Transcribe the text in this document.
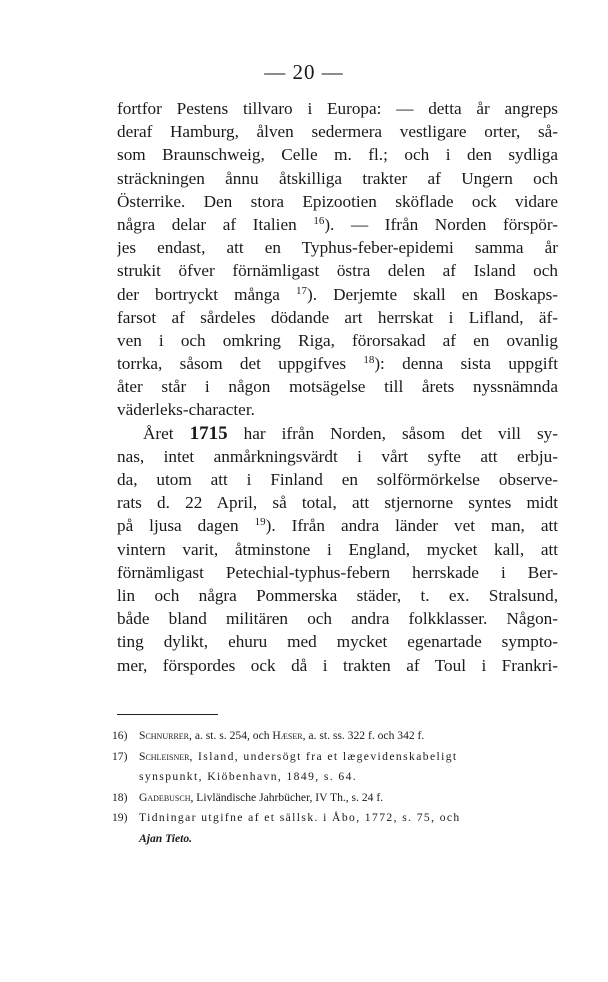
— 20 —
fortfor Pestens tillvaro i Europa: — detta år angreps
deraf Hamburg, ålven sedermera vestligare orter, så-
som Braunschweig, Celle m. fl.; och i den sydliga
sträckningen ånnu åtskilliga trakter af Ungern och
Österrike. Den stora Epizootien sköflade ock vidare
några delar af Italien $^{16}$). — Ifrån Norden förspör-
jes endast, att en Typhus-feber-epidemi samma år
strukit öfver förnämligast östra delen af Island och
der bortryckt många $^{17}$). Derjemte skall en Boskaps-
farsot af sårdeles dödande art herrskat i Lifland, äf-
ven i och omkring Riga, förorsakad af en ovanlig
torrka, såsom det uppgifves $^{18}$): denna sista uppgift
åter står i någon motsägelse till årets nyssnämnda
väderleks-character.
Året 1715 har ifrån Norden, såsom det vill sy-
nas, intet anmårkningsvärdt i vårt syfte att erbju-
da, utom att i Finland en solförmörkelse observe-
rats d. 22 April, så total, att stjernorne syntes midt
på ljusa dagen $^{19}$). Ifrån andra länder vet man, att
vintern varit, åtminstone i England, mycket kall, att
förnämligast Petechial-typhus-febern herrskade i Ber-
lin och några Pommerska städer, t. ex. Stralsund,
både bland militären och andra folkklasser. Någon-
ting dylikt, ehuru med mycket egenartade sympto-
mer, förspordes ock då i trakten af Toul i Frankri-
16) Schnurrer, a. st. s. 254, och Hæser, a. st. ss. 322 f. och 342 f.
17) Schleisner, Island, undersögt fra et lægevidenskabeligt
synspunkt, Kiöbenhavn, 1849, s. 64.
18) Gadebusch, Livländische Jahrbücher, IV Th., s. 24 f.
19) Tidningar utgifne af et sällsk. i Åbo, 1772, s. 75, och
Ajan Tieto.
